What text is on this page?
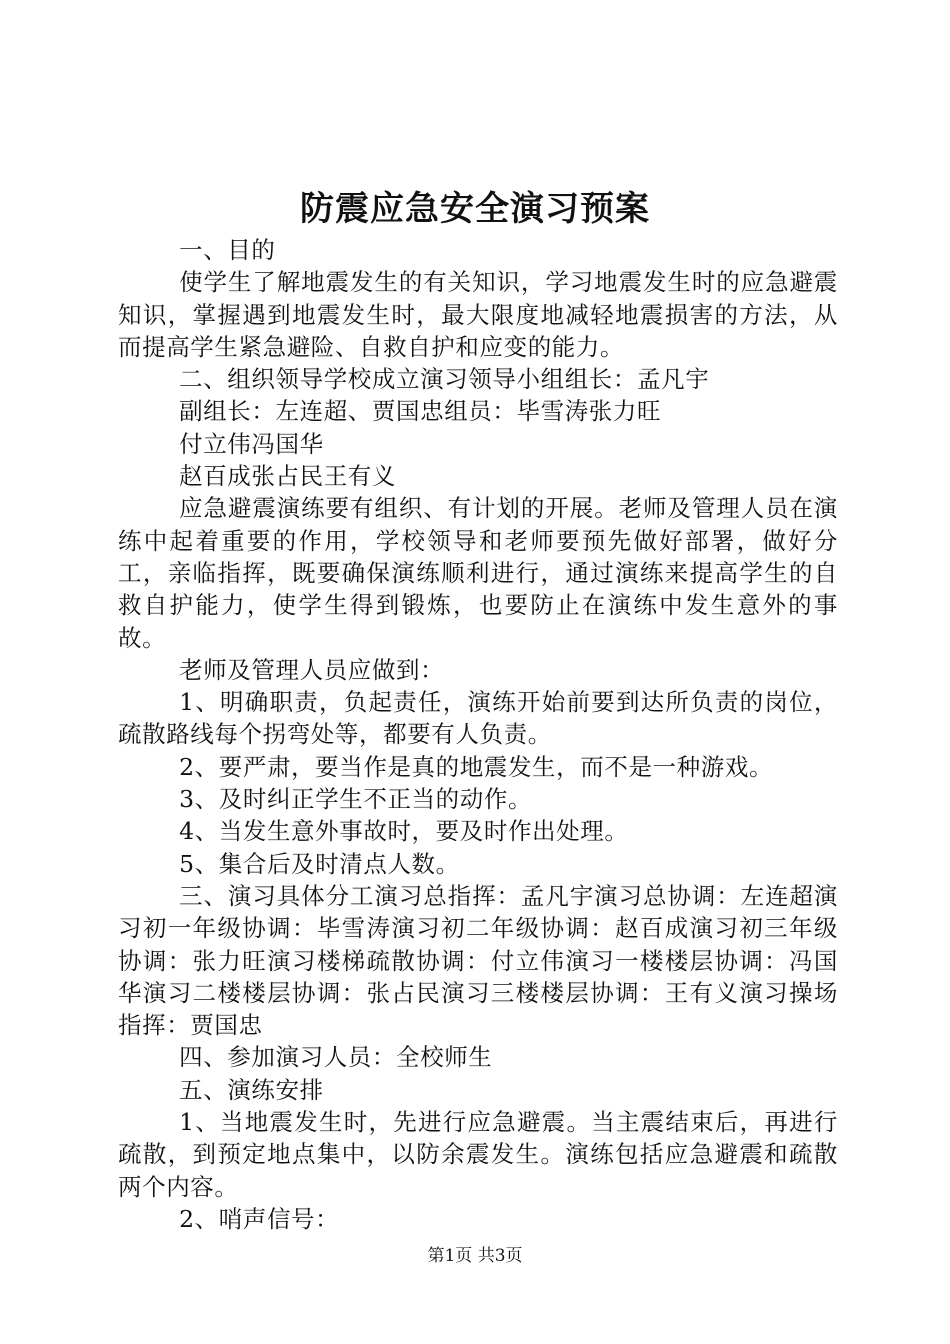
防震应急安全演习预案

一、目的

使学生了解地震发生的有关知识，学习地震发生时的应急避震知识，掌握遇到地震发生时，最大限度地减轻地震损害的方法，从而提高学生紧急避险、自救自护和应变的能力。

二、组织领导学校成立演习领导小组组长：孟凡宇

副组长：左连超、贾国忠组员：毕雪涛张力旺

付立伟冯国华

赵百成张占民王有义

应急避震演练要有组织、有计划的开展。老师及管理人员在演练中起着重要的作用，学校领导和老师要预先做好部署，做好分工，亲临指挥，既要确保演练顺利进行，通过演练来提高学生的自救自护能力，使学生得到锻炼，也要防止在演练中发生意外的事故。

老师及管理人员应做到：

1、明确职责，负起责任，演练开始前要到达所负责的岗位，疏散路线每个拐弯处等，都要有人负责。

2、要严肃，要当作是真的地震发生，而不是一种游戏。

3、及时纠正学生不正当的动作。

4、当发生意外事故时，要及时作出处理。

5、集合后及时清点人数。

三、演习具体分工演习总指挥：孟凡宇演习总协调：左连超演习初一年级协调：毕雪涛演习初二年级协调：赵百成演习初三年级协调：张力旺演习楼梯疏散协调：付立伟演习一楼楼层协调：冯国华演习二楼楼层协调：张占民演习三楼楼层协调：王有义演习操场指挥：贾国忠

四、参加演习人员：全校师生

五、演练安排

1、当地震发生时，先进行应急避震。当主震结束后，再进行疏散，到预定地点集中，以防余震发生。演练包括应急避震和疏散两个内容。

2、哨声信号：

第1页 共3页
